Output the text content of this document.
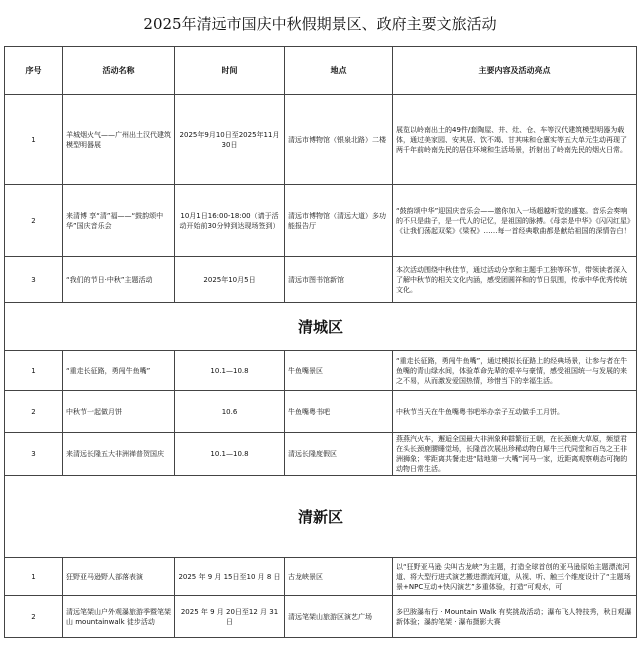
2025年清远市国庆中秋假期景区、政府主要文旅活动
序号	活动名称	时间	地点	主要内容及活动亮点
1	羊城烟火气——广州出土汉代建筑模型明器展	2025年9月10日至2025年11月30日	清远市博物馆（银泉北路）二楼	展览以岭南出土的49件/套陶屋、井、灶、仓、车等汉代建筑模型明器为载体，通过美家园、安其居、饮不竭、甘其味和仓廪实等五大单元生动再现了两千年前岭南先民的居住环境和生活场景，折射出了岭南先民的烟火日常。
2	来清博 享“清”福——“鼓韵颂中华”国庆音乐会	10月1日16:00-18:00（请于活动开始前30分钟到达现场签到）	清远市博物馆（清远大道）多功能报告厅	“鼓韵颂中华”迎国庆音乐会——邀你加入一场超越听觉的盛宴。音乐会奏响的不只是曲子，是一代人的记忆，是祖国的脉搏。《母亲是中华》《闪闪红星》《让我们荡起双桨》《梁祝》……每一首经典歌曲都是献给祖国的深情告白！
3	“我们的节日·中秋”主题活动	2025年10月5日	清远市图书馆新馆	本次活动围绕中秋佳节，通过活动分享和主题手工独等环节，带领读者深入了解中秋节的相关文化内涵，感受团圆祥和的节日氛围，传承中华优秀传统文化。
清城区				
1	“重走长征路，勇闯牛鱼嘴”	10.1—10.8	牛鱼嘴景区	“重走长征路，勇闯牛鱼嘴”，通过模拟长征路上的经典场景，让参与者在牛鱼嘴的青山绿水间，体验革命先辈的艰辛与豪情，感受祖国统一与发展的来之不易，从而激发爱国热情，珍惜当下的幸福生活。
2	中秋节一起做月饼	10.6	牛鱼嘴粤书吧	中秋节当天在牛鱼嘴粤书吧举办亲子互动做手工月饼。
3	来清远长隆五大非洲禅普贺国庆	10.1—10.8	清远长隆度假区	燕燕汽火车，邂逅全国最大非洲象种群繁衍王朝，在长颈鹿大草原，频望君在头长颈鹿腰睡觉场，长隆首次展出珍稀动物白犀牛三代同堂和百鸟之王非洲狮象；零距离共餐走进“陆地第一大嘴”河马一家，近距离观察萌态可掬的动物日常生活。
清新区				
1	狂野亚马逊野人部落表演	2025 年 9 月 15日至10 月 8 日	古龙峡景区	以“狂野亚马逊 尖叫古龙峡”为主题，打造全球首创的亚马逊原始主题漂流河道、将大型行进式演艺搬进漂流河道，从视、听、触三个维度设计了“主题场景+NPC互动+快闪演艺”多重体验，打造“可观水，可
2	清远笔架山户外观瀑旅游季暨笔架山 mountainwalk 徒步活动	2025 年 9 月 20日至12 月 31 日	清远笔架山旅游区演艺广场	多巴胺瀑布行 · Mountain Walk 有奖挑战活动；瀑布飞人特技秀，秋日观瀑新体验；瀑韵笔架 · 瀑布摄影大赛
